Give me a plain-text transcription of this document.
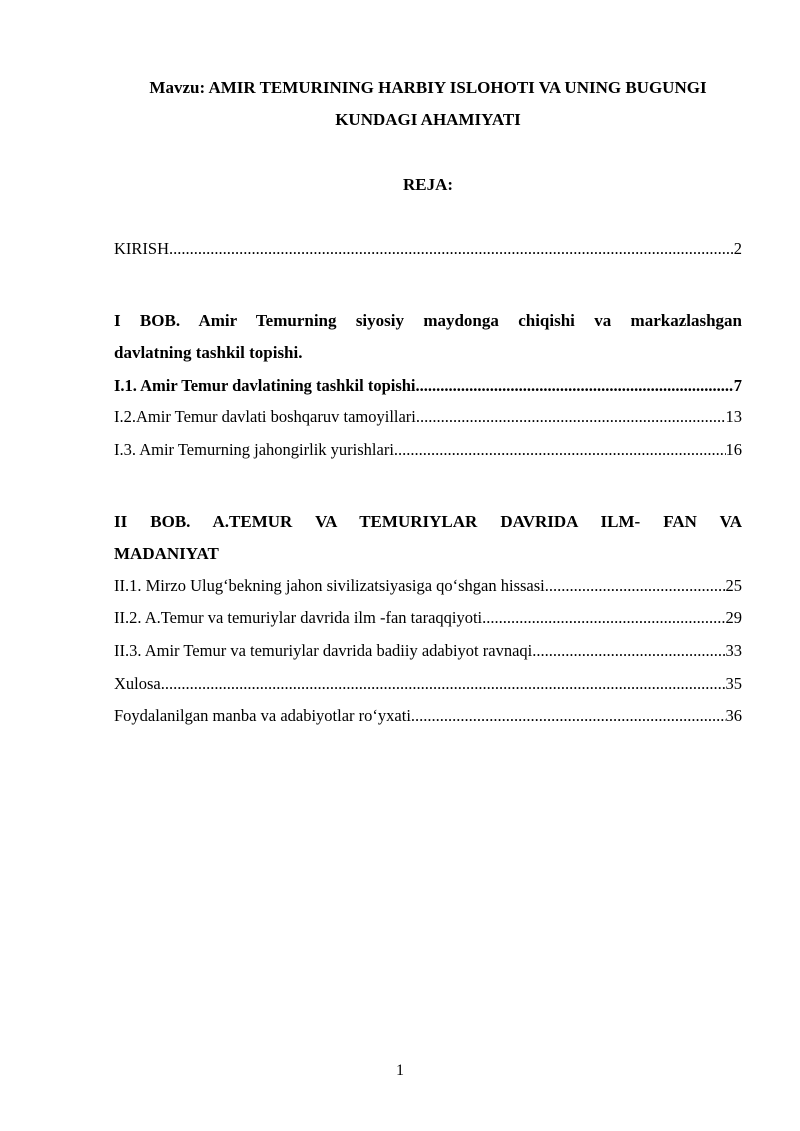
Mavzu: AMIR TEMURINING HARBIY ISLOHOTI VA UNING BUGUNGI
KUNDAGI AHAMIYATI
REJA:
KIRISH .....	2
I BOB. Amir Temurning siyosiy maydonga chiqishi va markazlashgan
davlatning tashkil topishi.
I.1. Amir Temur davlatining tashkil topishi .....	7
I.2.Amir Temur davlati boshqaruv tamoyillari .....	13
I.3. Amir Temurning jahongirlik yurishlari .....	16
II BOB. A.TEMUR VA TEMURIYLAR DAVRIDA ILM- FAN VA
MADANIYAT
II.1. Mirzo Ulug‘bekning jahon sivilizatsiyasiga qo‘shgan hissasi .....	25
II.2. A.Temur va temuriylar davrida ilm -fan taraqqiyoti .....	29
II.3. Amir Temur va temuriylar davrida badiiy adabiyot ravnaqi .....	33
Xulosa .....	35
Foydalanilgan manba va adabiyotlar ro‘yxati .....	36
1
